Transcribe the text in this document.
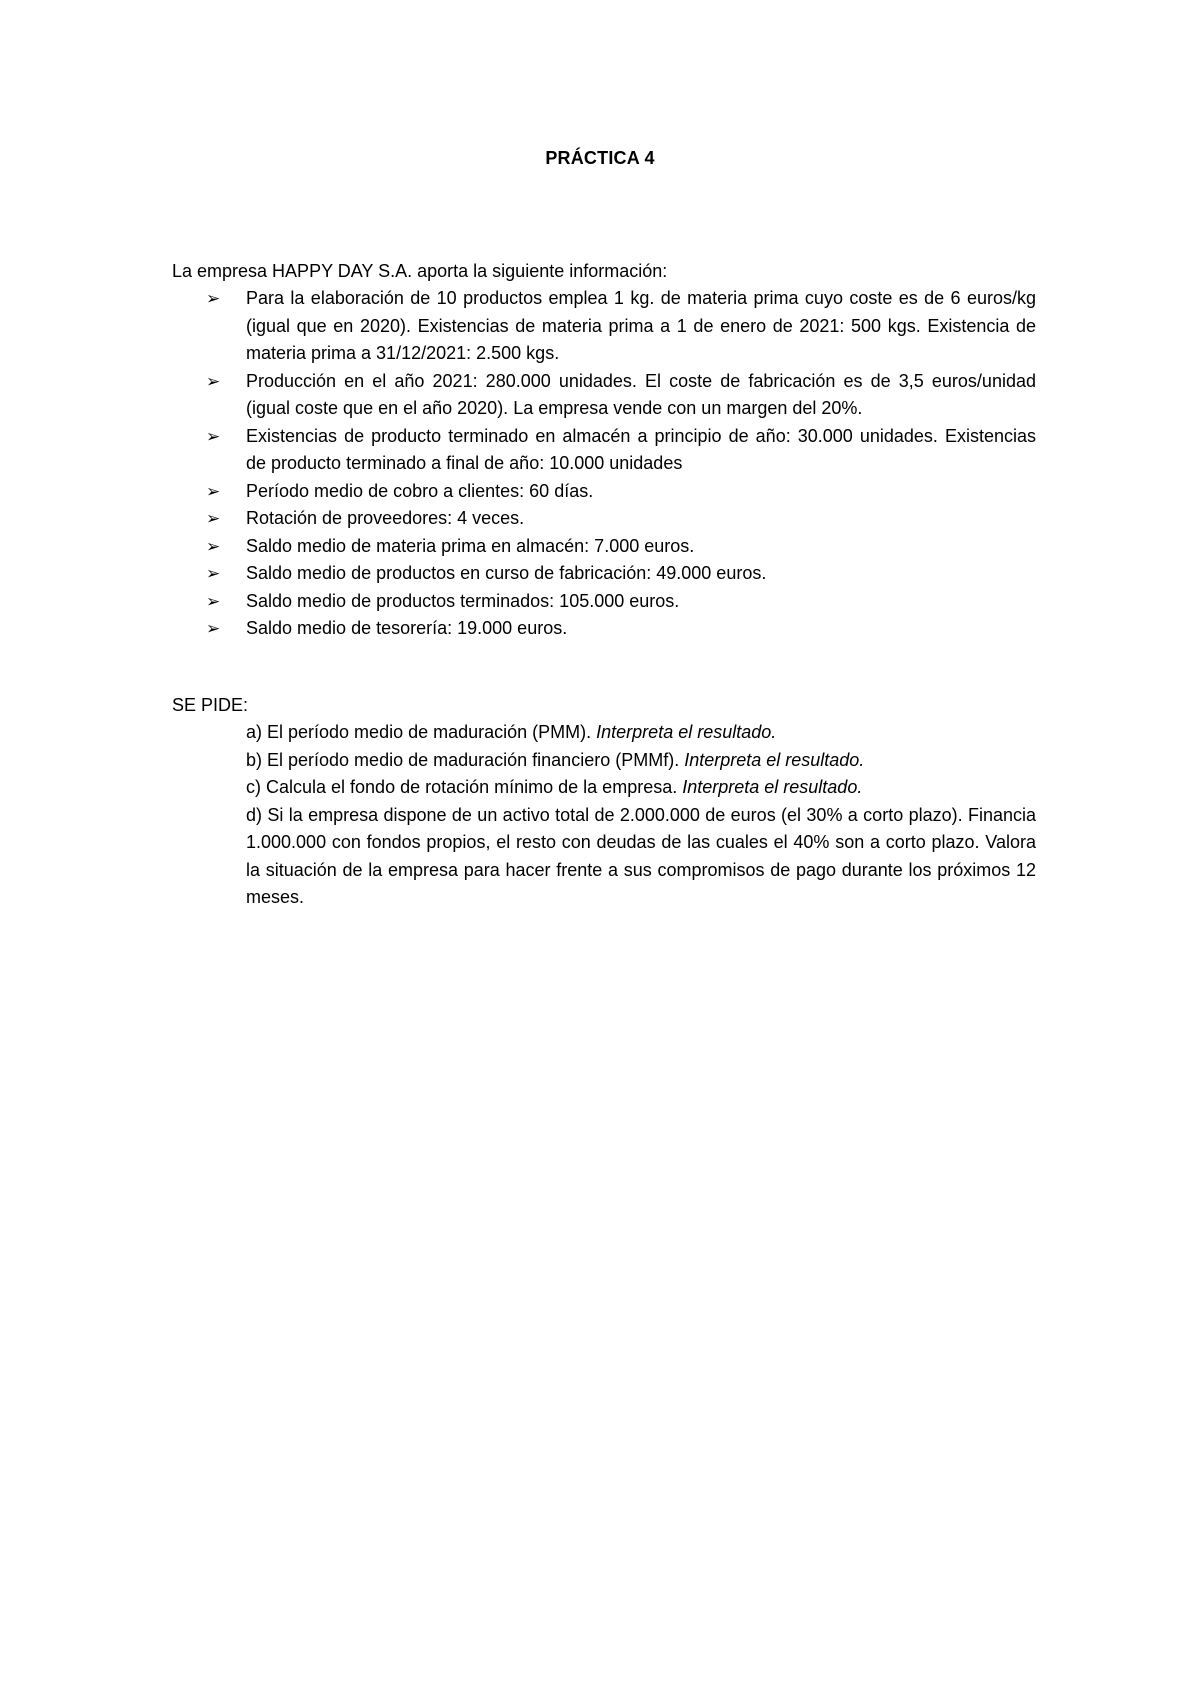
PRÁCTICA 4
La empresa HAPPY DAY S.A. aporta la siguiente información:
➢	Para la elaboración de 10 productos emplea 1 kg. de materia prima cuyo coste es de 6 euros/kg (igual que en 2020). Existencias de materia prima a 1 de enero de 2021: 500 kgs. Existencia de materia prima a 31/12/2021: 2.500 kgs.
➢	Producción en el año 2021: 280.000 unidades. El coste de fabricación es de 3,5 euros/unidad (igual coste que en el año 2020). La empresa vende con un margen del 20%.
➢	Existencias de producto terminado en almacén a principio de año: 30.000 unidades. Existencias de producto terminado a final de año: 10.000 unidades
➢	Período medio de cobro a clientes: 60 días.
➢	Rotación de proveedores: 4 veces.
➢	Saldo medio de materia prima en almacén: 7.000 euros.
➢	Saldo medio de productos en curso de fabricación: 49.000 euros.
➢	Saldo medio de productos terminados: 105.000 euros.
➢	Saldo medio de tesorería: 19.000 euros.
SE PIDE:
a) El período medio de maduración (PMM). Interpreta el resultado.
b) El período medio de maduración financiero (PMMf). Interpreta el resultado.
c) Calcula el fondo de rotación mínimo de la empresa. Interpreta el resultado.
d) Si la empresa dispone de un activo total de 2.000.000 de euros (el 30% a corto plazo). Financia 1.000.000 con fondos propios, el resto con deudas de las cuales el 40% son a corto plazo. Valora la situación de la empresa para hacer frente a sus compromisos de pago durante los próximos 12 meses.
